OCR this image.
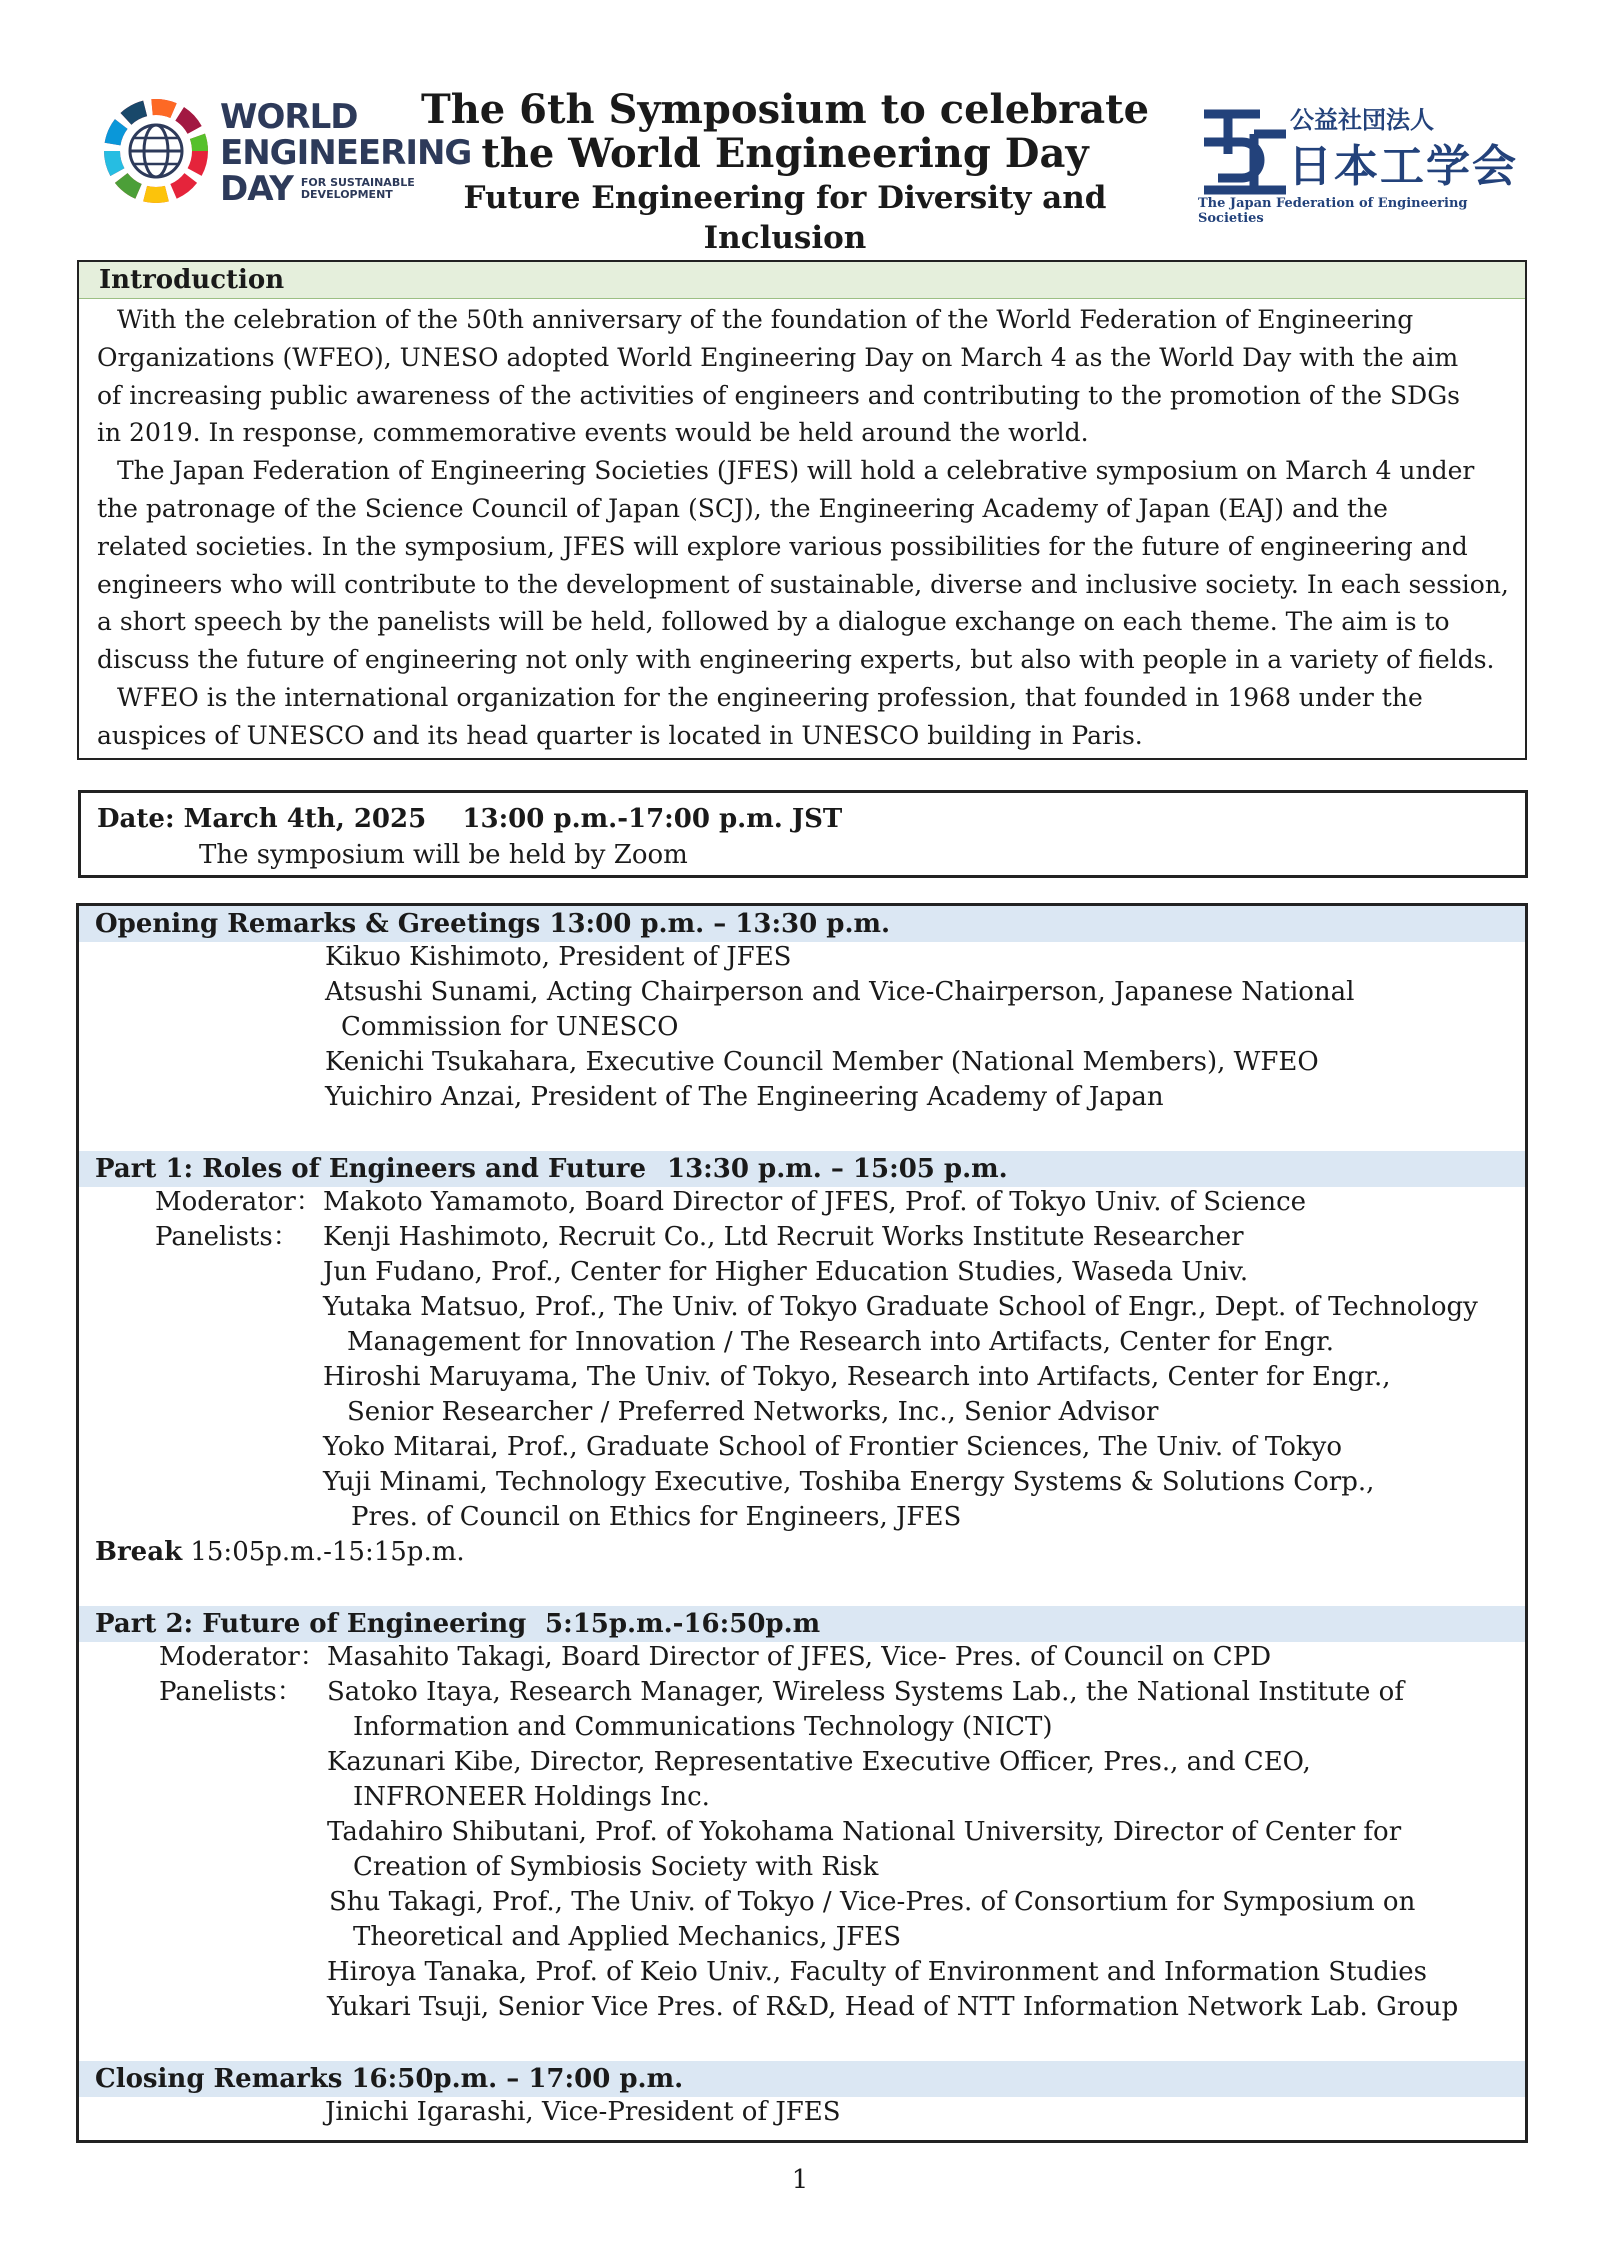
WORLD
ENGINEERING
DAY FOR SUSTAINABLE
DEVELOPMENT
The 6th Symposium to celebrate
the World Engineering Day
Future Engineering for Diversity and Inclusion
公益社団法人
日本工学会
The Japan Federation of Engineering Societies
Introduction
With the celebration of the 50th anniversary of the foundation of the World Federation of Engineering
Organizations (WFEO), UNESO adopted World Engineering Day on March 4 as the World Day with the aim
of increasing public awareness of the activities of engineers and contributing to the promotion of the SDGs
in 2019. In response, commemorative events would be held around the world.
The Japan Federation of Engineering Societies (JFES) will hold a celebrative symposium on March 4 under
the patronage of the Science Council of Japan (SCJ), the Engineering Academy of Japan (EAJ) and the
related societies. In the symposium, JFES will explore various possibilities for the future of engineering and
engineers who will contribute to the development of sustainable, diverse and inclusive society. In each session,
a short speech by the panelists will be held, followed by a dialogue exchange on each theme. The aim is to
discuss the future of engineering not only with engineering experts, but also with people in a variety of fields.
WFEO is the international organization for the engineering profession, that founded in 1968 under the
auspices of UNESCO and its head quarter is located in UNESCO building in Paris.
Date: March 4th, 2025    13:00 p.m.-17:00 p.m. JST
The symposium will be held by Zoom
Opening Remarks & Greetings 13:00 p.m. – 13:30 p.m.
Kikuo Kishimoto, President of JFES
Atsushi Sunami, Acting Chairperson and Vice-Chairperson, Japanese National
Commission for UNESCO
Kenichi Tsukahara, Executive Council Member (National Members), WFEO
Yuichiro Anzai, President of The Engineering Academy of Japan
Part 1: Roles of Engineers and Future 13:30 p.m. – 15:05 p.m.
Moderator： Makoto Yamamoto, Board Director of JFES, Prof. of Tokyo Univ. of Science
Panelists： Kenji Hashimoto, Recruit Co., Ltd Recruit Works Institute Researcher
Jun Fudano, Prof., Center for Higher Education Studies, Waseda Univ.
Yutaka Matsuo, Prof., The Univ. of Tokyo Graduate School of Engr., Dept. of Technology
Management for Innovation / The Research into Artifacts, Center for Engr.
Hiroshi Maruyama, The Univ. of Tokyo, Research into Artifacts, Center for Engr.,
Senior Researcher / Preferred Networks, Inc., Senior Advisor
Yoko Mitarai, Prof., Graduate School of Frontier Sciences, The Univ. of Tokyo
Yuji Minami, Technology Executive, Toshiba Energy Systems & Solutions Corp.,
Pres. of Council on Ethics for Engineers, JFES
Break 15:05p.m.-15:15p.m.
Part 2: Future of Engineering 5:15p.m.-16:50p.m
Moderator： Masahito Takagi, Board Director of JFES, Vice- Pres. of Council on CPD
Panelists： Satoko Itaya, Research Manager, Wireless Systems Lab., the National Institute of
Information and Communications Technology (NICT)
Kazunari Kibe, Director, Representative Executive Officer, Pres., and CEO,
INFRONEER Holdings Inc.
Tadahiro Shibutani, Prof. of Yokohama National University, Director of Center for
Creation of Symbiosis Society with Risk
Shu Takagi, Prof., The Univ. of Tokyo / Vice-Pres. of Consortium for Symposium on
Theoretical and Applied Mechanics, JFES
Hiroya Tanaka, Prof. of Keio Univ., Faculty of Environment and Information Studies
Yukari Tsuji, Senior Vice Pres. of R&D, Head of NTT Information Network Lab. Group
Closing Remarks 16:50p.m. – 17:00 p.m.
Jinichi Igarashi, Vice-President of JFES
1
